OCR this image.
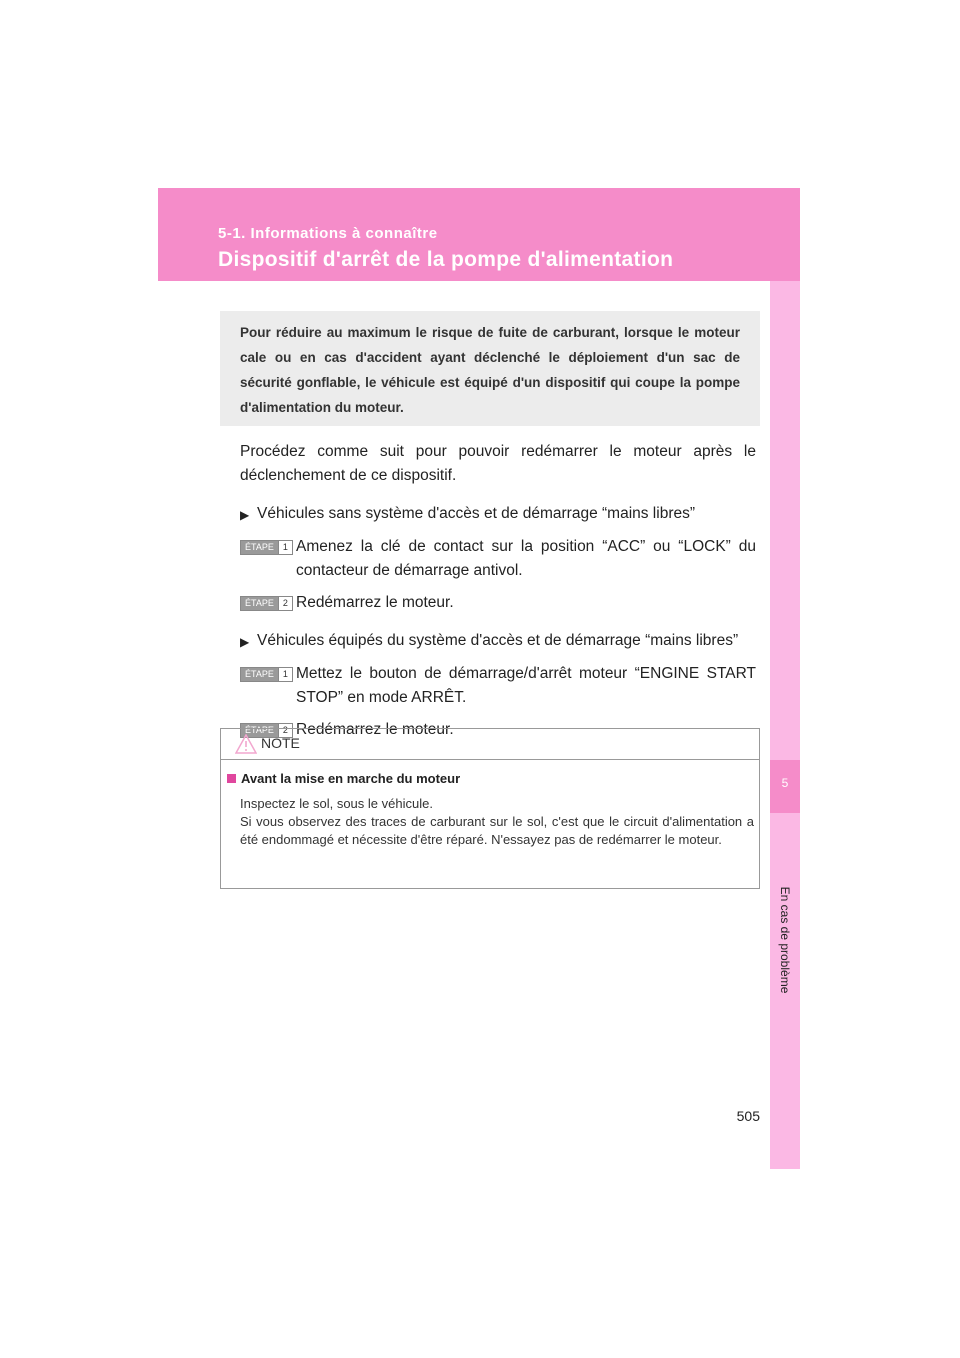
5-1. Informations à connaître
Dispositif d'arrêt de la pompe d'alimentation
5
En cas de problème

Pour réduire au maximum le risque de fuite de carburant, lorsque le moteur cale ou en cas d'accident ayant déclenché le déploiement d'un sac de sécurité gonflable, le véhicule est équipé d'un dispositif qui coupe la pompe d'alimentation du moteur.

Procédez comme suit pour pouvoir redémarrer le moteur après le déclenchement de ce dispositif.

▶ Véhicules sans système d'accès et de démarrage “mains libres”
ÉTAPE	1 Amenez la clé de contact sur la position “ACC” ou “LOCK” du contacteur de démarrage antivol.
ÉTAPE	2 Redémarrez le moteur.
▶ Véhicules équipés du système d'accès et de démarrage “mains libres”
ÉTAPE	1 Mettez le bouton de démarrage/d'arrêt moteur “ENGINE START STOP” en mode ARRÊT.
ÉTAPE	2 Redémarrez le moteur.
NOTE
Avant la mise en marche du moteur

Inspectez le sol, sous le véhicule.

Si vous observez des traces de carburant sur le sol, c'est que le circuit d'alimentation a été endommagé et nécessite d'être réparé. N'essayez pas de redémarrer le moteur.

505
